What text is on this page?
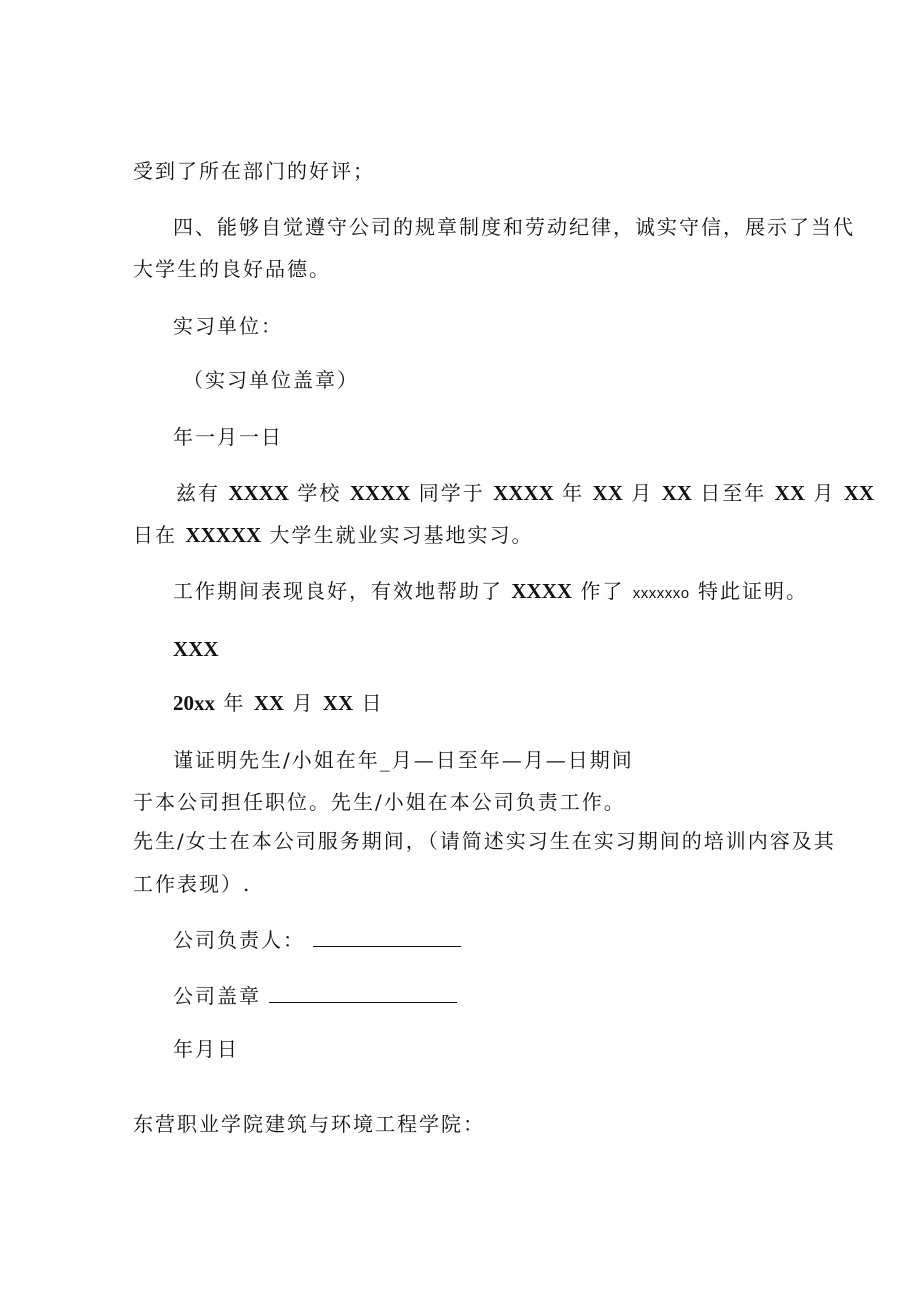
受到了所在部门的好评；
四、能够自觉遵守公司的规章制度和劳动纪律，诚实守信，展示了当代
大学生的良好品德。
实习单位：
（实习单位盖章）
年一月一日
兹有 XXXX 学校 XXXX 同学于 XXXX 年 XX 月 XX 日至年 XX 月 XX
日在 XXXXX 大学生就业实习基地实习。
工作期间表现良好，有效地帮助了 XXXX 作了 xxxxxxo 特此证明。
XXX
20xx 年 XX 月 XX 日
谨证明先生/小姐在年_月—日至年—月—日期间
于本公司担任职位。先生/小姐在本公司负责工作。
先生/女士在本公司服务期间，（请简述实习生在实习期间的培训内容及其
工作表现）.
公司负责人：
公司盖章
年月日
东营职业学院建筑与环境工程学院：
